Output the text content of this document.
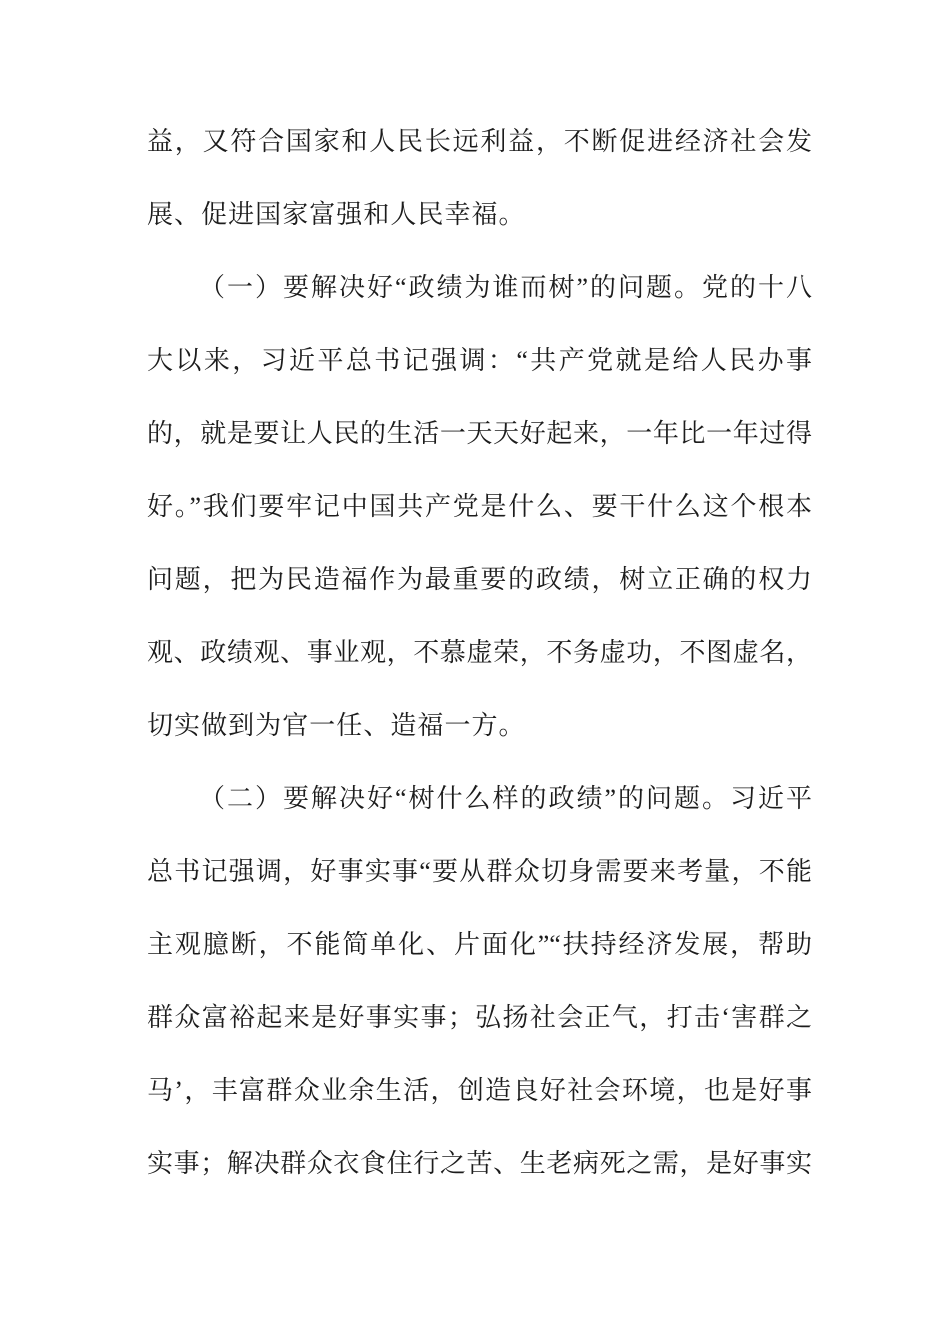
益，又符合国家和人民长远利益，不断促进经济社会发
展、促进国家富强和人民幸福。
（一）要解决好“政绩为谁而树”的问题。党的十八
大以来，习近平总书记强调：“共产党就是给人民办事
的，就是要让人民的生活一天天好起来，一年比一年过得
好。”我们要牢记中国共产党是什么、要干什么这个根本
问题，把为民造福作为最重要的政绩，树立正确的权力
观、政绩观、事业观，不慕虚荣，不务虚功，不图虚名，
切实做到为官一任、造福一方。
（二）要解决好“树什么样的政绩”的问题。习近平
总书记强调，好事实事“要从群众切身需要来考量，不能
主观臆断，不能简单化、片面化”“扶持经济发展，帮助
群众富裕起来是好事实事；弘扬社会正气，打击‘害群之
马’，丰富群众业余生活，创造良好社会环境，也是好事
实事；解决群众衣食住行之苦、生老病死之需，是好事实
